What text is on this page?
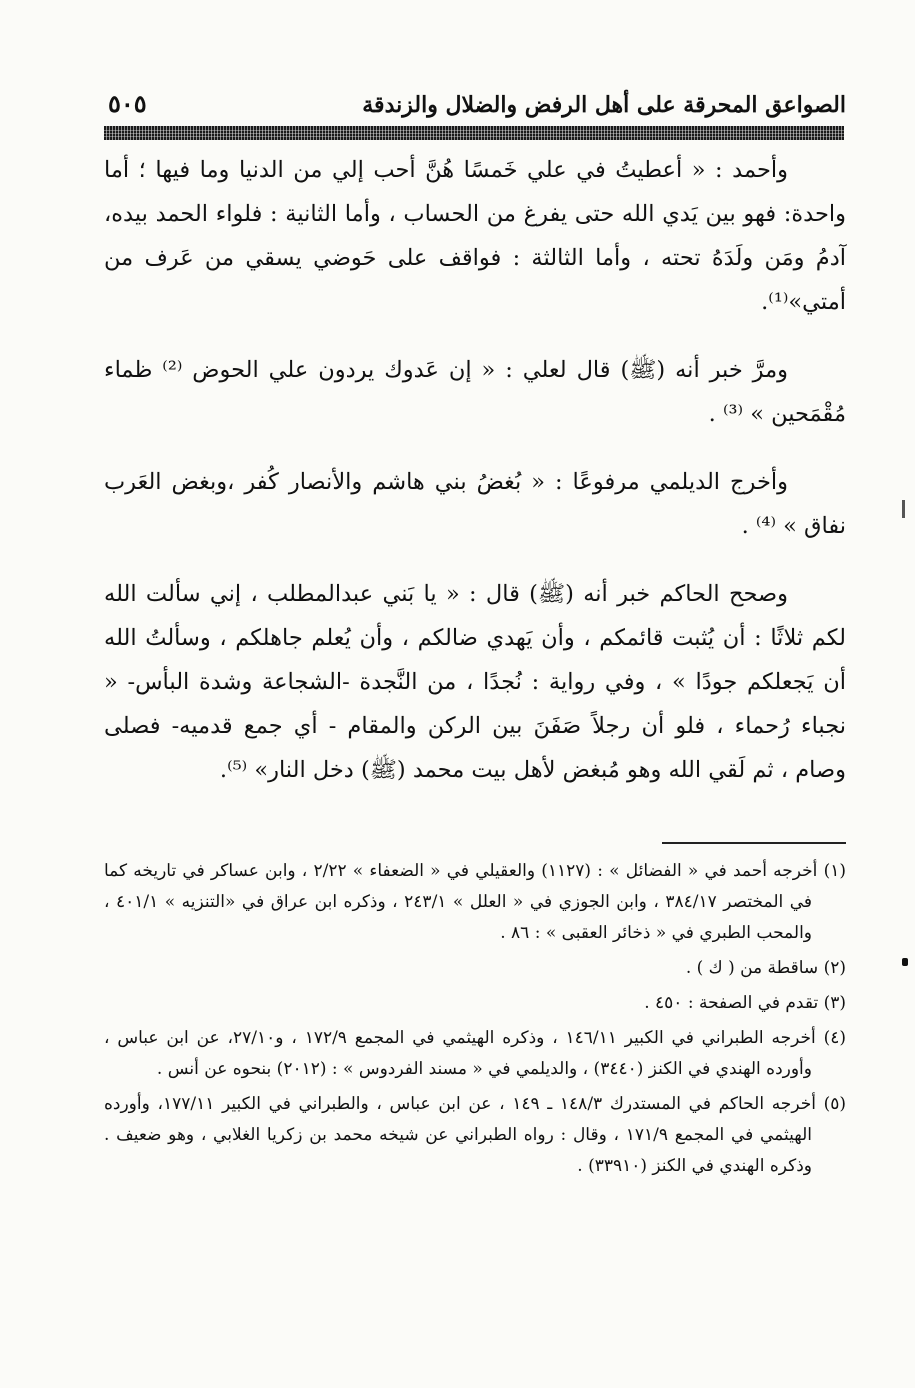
الصواعق المحرقة على أهل الرفض والضلال والزندقة
٥٠٥

وأحمد : « أعطيتُ في علي خَمسًا هُنَّ أحب إلي من الدنيا وما فيها ؛ أما واحدة: فهو بين يَدي الله حتى يفرغ من الحساب ، وأما الثانية : فلواء الحمد بيده، آدمُ ومَن ولَدَهُ تحته ، وأما الثالثة : فواقف على حَوضي يسقي من عَرف من أمتي»⁽¹⁾.

ومرَّ خبر أنه (ﷺ) قال لعلي : « إن عَدوك يردون علي الحوض ⁽²⁾ ظماء مُقْمَحين » ⁽³⁾ .

وأخرج الديلمي مرفوعًا : « بُغضُ بني هاشم والأنصار كُفر ،وبغض العَرب نفاق » ⁽⁴⁾ .

وصحح الحاكم خبر أنه (ﷺ) قال : « يا بَني عبدالمطلب ، إني سألت الله لكم ثلاثًا : أن يُثبت قائمكم ، وأن يَهدي ضالكم ، وأن يُعلم جاهلكم ، وسألتُ الله أن يَجعلكم جودًا » ، وفي رواية : نُجدًا ، من النَّجدة -الشجاعة وشدة البأس- « نجباء رُحماء ، فلو أن رجلاً صَفَنَ بين الركن والمقام - أي جمع قدميه- فصلى وصام ، ثم لَقي الله وهو مُبغض لأهل بيت محمد (ﷺ) دخل النار» ⁽⁵⁾.

(١) أخرجه أحمد في « الفضائل » : (١١٢٧) والعقيلي في « الضعفاء » ٢/٢٢ ، وابن عساكر في تاريخه كما في المختصر ٣٨٤/١٧ ، وابن الجوزي في « العلل » ٢٤٣/١ ، وذكره ابن عراق في «التنزيه » ٤٠١/١ ، والمحب الطبري في « ذخائر العقبى » : ٨٦ .

(٢) ساقطة من ( ك ) .

(٣) تقدم في الصفحة : ٤٥٠ .

(٤) أخرجه الطبراني في الكبير ١٤٦/١١ ، وذكره الهيثمي في المجمع ١٧٢/٩ ، و٢٧/١٠، عن ابن عباس ، وأورده الهندي في الكنز (٣٤٤٠) ، والديلمي في « مسند الفردوس » : (٢٠١٢) بنحوه عن أنس .

(٥) أخرجه الحاكم في المستدرك ١٤٨/٣ ـ ١٤٩ ، عن ابن عباس ، والطبراني في الكبير ١٧٧/١١، وأورده الهيثمي في المجمع ١٧١/٩ ، وقال : رواه الطبراني عن شيخه محمد بن زكريا الغلابي ، وهو ضعيف . وذكره الهندي في الكنز (٣٣٩١٠) .
